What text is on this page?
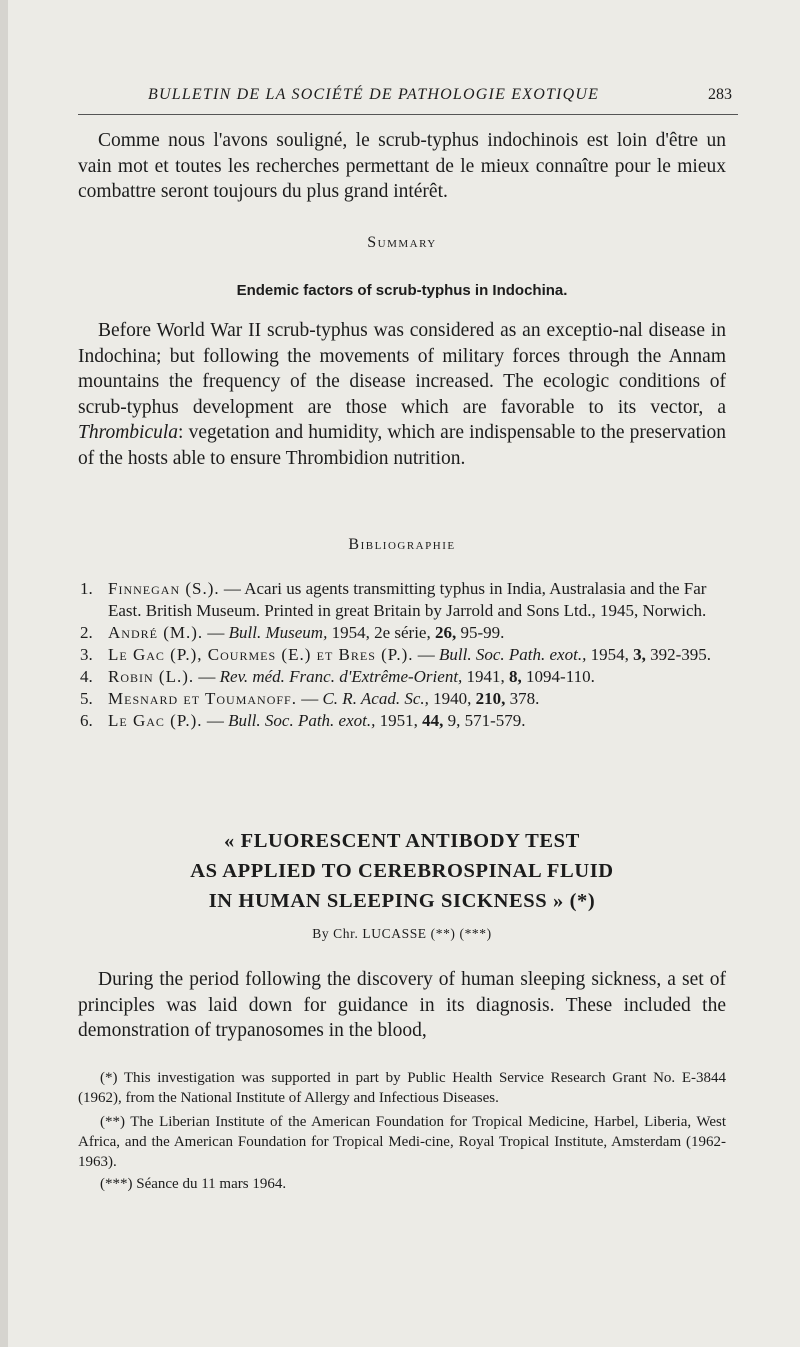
BULLETIN DE LA SOCIÉTÉ DE PATHOLOGIE EXOTIQUE	283

Comme nous l'avons souligné, le scrub-typhus indochinois est loin d'être un vain mot et toutes les recherches permettant de le mieux connaître pour le mieux combattre seront toujours du plus grand intérêt.

Summary
Endemic factors of scrub-typhus in Indochina.

Before World War II scrub-typhus was considered as an exceptio-nal disease in Indochina; but following the movements of military forces through the Annam mountains the frequency of the disease increased. The ecologic conditions of scrub-typhus development are those which are favorable to its vector, a Thrombicula: vegetation and humidity, which are indispensable to the preservation of the hosts able to ensure Thrombidion nutrition.

Bibliographie
1. Finnegan (S.). — Acari us agents transmitting typhus in India, Australasia and the Far East. British Museum. Printed in great Britain by Jarrold and Sons Ltd., 1945, Norwich.
2. André (M.). — Bull. Museum, 1954, 2e série, 26, 95-99.
3. Le Gac (P.), Courmes (E.) et Bres (P.). — Bull. Soc. Path. exot., 1954, 3, 392-395.
4. Robin (L.). — Rev. méd. Franc. d'Extrême-Orient, 1941, 8, 1094-110.
5. Mesnard et Toumanoff. — C. R. Acad. Sc., 1940, 210, 378.
6. Le Gac (P.). — Bull. Soc. Path. exot., 1951, 44, 9, 571-579.
« FLUORESCENT ANTIBODY TEST
AS APPLIED TO CEREBROSPINAL FLUID
IN HUMAN SLEEPING SICKNESS » (*)
By Chr. LUCASSE (**) (***)

During the period following the discovery of human sleeping sickness, a set of principles was laid down for guidance in its diagnosis. These included the demonstration of trypanosomes in the blood,

(*) This investigation was supported in part by Public Health Service Research Grant No. E-3844 (1962), from the National Institute of Allergy and Infectious Diseases.

(**) The Liberian Institute of the American Foundation for Tropical Medicine, Harbel, Liberia, West Africa, and the American Foundation for Tropical Medi-cine, Royal Tropical Institute, Amsterdam (1962-1963).

(***) Séance du 11 mars 1964.
